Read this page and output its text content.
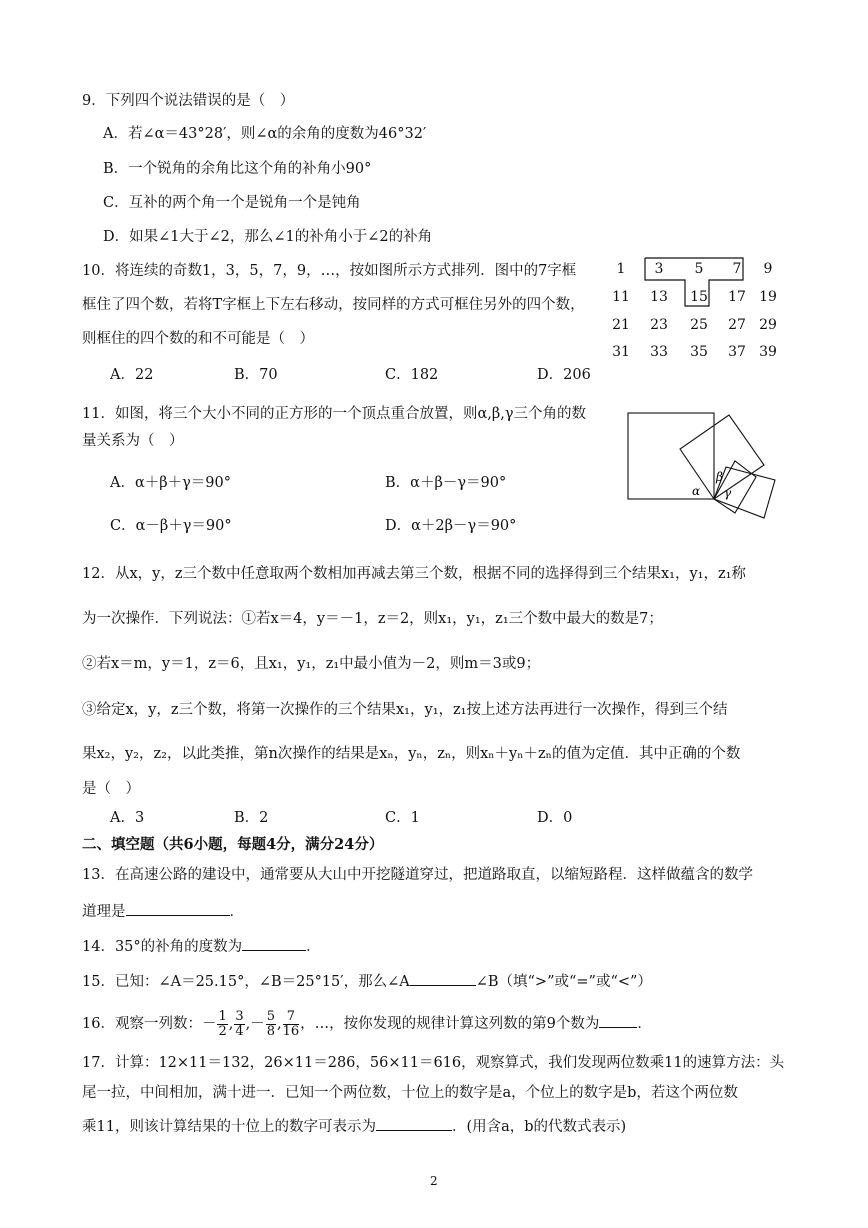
9．下列四个说法错误的是（　）
A．若∠α＝43°28′，则∠α的余角的度数为46°32′
B．一个锐角的余角比这个角的补角小90°
C．互补的两个角一个是锐角一个是钝角
D．如果∠1大于∠2，那么∠1的补角小于∠2的补角
10．将连续的奇数1，3，5，7，9，…，按如图所示方式排列．图中的7字框
框住了四个数，若将T字框上下左右移动，按同样的方式可框住另外的四个数，
则框住的四个数的和不可能是（　）
A．22	B．70	C．182	D．206
1	3	5	7	9
11 13 15 17 19
21 23 25 27 29
31 33 35 37 39
11．如图，将三个大小不同的正方形的一个顶点重合放置，则α,β,γ三个角的数
量关系为（　）
A．α＋β＋γ＝90°	B．α＋β－γ＝90°
C．α－β＋γ＝90°	D．α＋2β－γ＝90°
α
β
γ
12．从x，y，z三个数中任意取两个数相加再减去第三个数，根据不同的选择得到三个结果x₁，y₁，z₁称
为一次操作．下列说法：①若x＝4，y＝－1，z＝2，则x₁，y₁，z₁三个数中最大的数是7；
②若x＝m，y＝1，z＝6，且x₁，y₁，z₁中最小值为－2，则m＝3或9；
③给定x，y，z三个数，将第一次操作的三个结果x₁，y₁，z₁按上述方法再进行一次操作，得到三个结
果x₂，y₂，z₂，以此类推，第n次操作的结果是xₙ，yₙ，zₙ，则xₙ＋yₙ＋zₙ的值为定值．其中正确的个数
是（　）
A．3	B．2	C．1	D．0
二、填空题（共6小题，每题4分，满分24分）
13．在高速公路的建设中，通常要从大山中开挖隧道穿过，把道路取直，以缩短路程．这样做蕴含的数学
道理是	．
14．35°的补角的度数为	．
15．已知：∠A＝25.15°，∠B＝25°15′，那么∠A	∠B（填“>”或“=”或“<”）
16．观察一列数：－ $\frac{1}{2}$ , $\frac{3}{4}$ ,－ $\frac{5}{8}$ , $\frac{7}{16}$ ，…，按你发现的规律计算这列数的第9个数为	．
17．计算：12×11＝132，26×11＝286，56×11＝616，观察算式，我们发现两位数乘11的速算方法：头
尾一拉，中间相加，满十进一．已知一个两位数，十位上的数字是a，个位上的数字是b，若这个两位数
乘11，则该计算结果的十位上的数字可表示为	．(用含a，b的代数式表示)
2
